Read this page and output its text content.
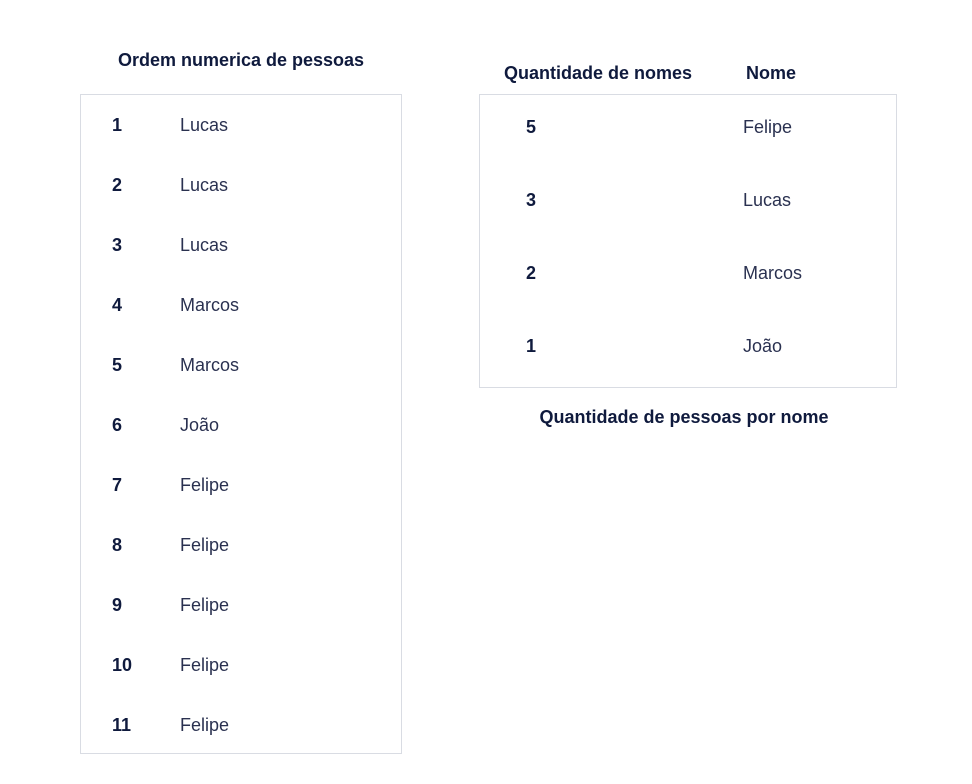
Ordem numerica de pessoas
1	Lucas
2	Lucas
3	Lucas
4	Marcos
5	Marcos
6	João
7	Felipe
8	Felipe
9	Felipe
10	Felipe
11	Felipe
Quantidade de nomes	Nome
5	Felipe
3	Lucas
2	Marcos
1	João
Quantidade de pessoas por nome
